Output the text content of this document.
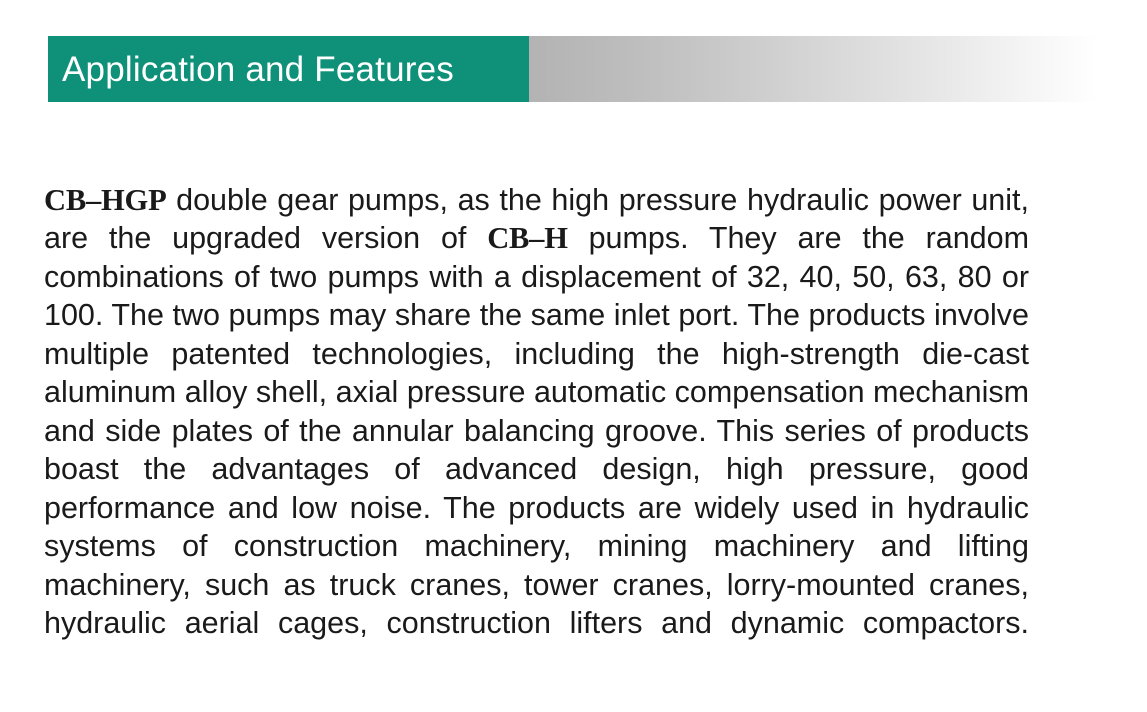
Application and Features

CB–HGP double gear pumps, as the high pressure hydraulic power unit, are the upgraded version of CB–H pumps. They are the random combinations of two pumps with a displacement of 32, 40, 50, 63, 80 or 100. The two pumps may share the same inlet port. The products involve multiple patented technologies, including the high-strength die-cast aluminum alloy shell, axial pressure automatic compensation mechanism and side plates of the annular balancing groove. This series of products boast the advantages of advanced design, high pressure, good performance and low noise. The products are widely used in hydraulic systems of construction machinery, mining machinery and lifting machinery, such as truck cranes, tower cranes, lorry-mounted cranes, hydraulic aerial cages, construction lifters and dynamic compactors.
